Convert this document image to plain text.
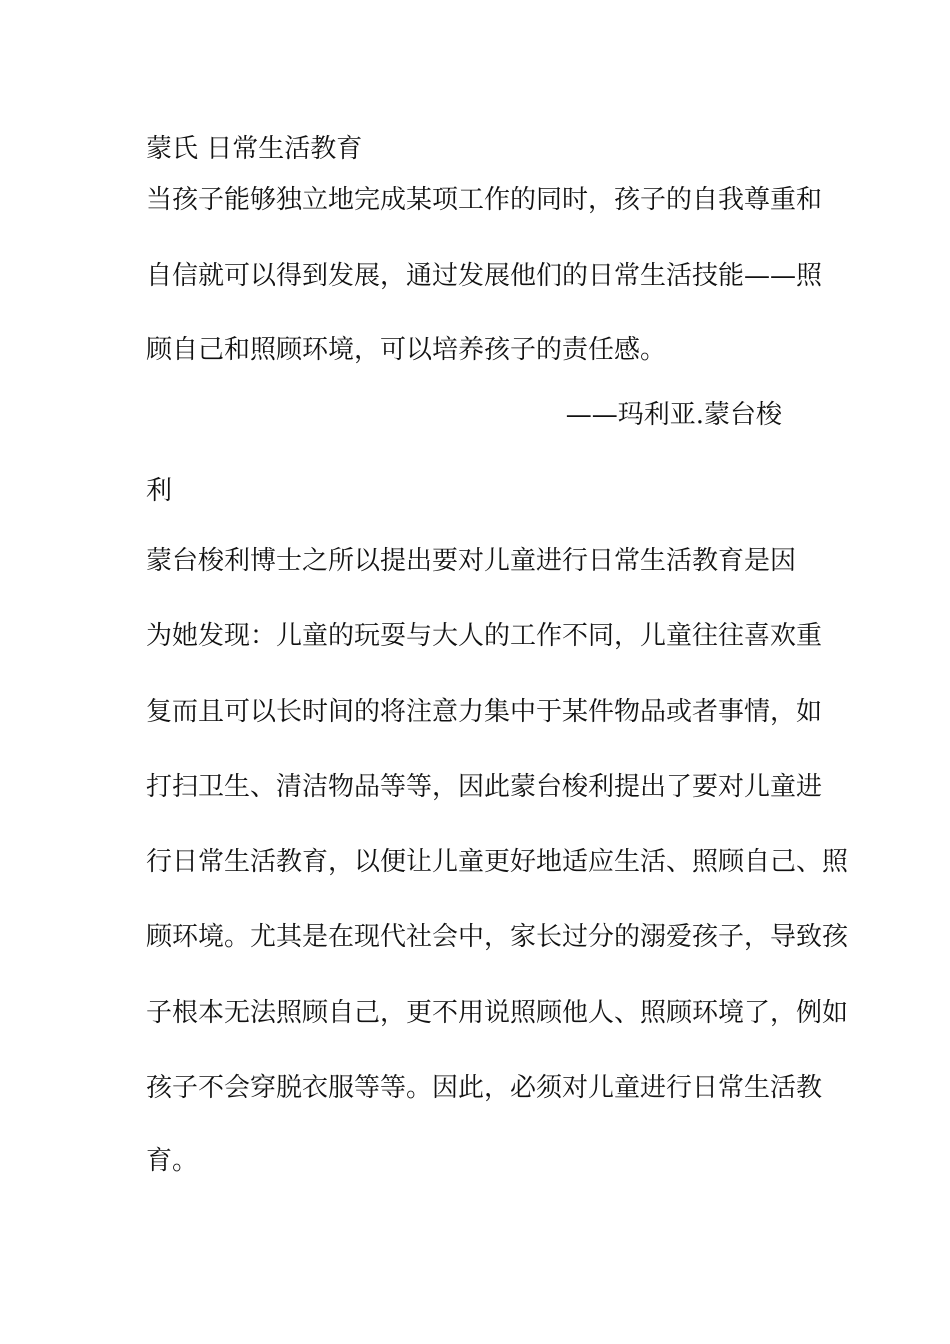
蒙氏 日常生活教育
当孩子能够独立地完成某项工作的同时，孩子的自我尊重和
自信就可以得到发展，通过发展他们的日常生活技能——照
顾自己和照顾环境，可以培养孩子的责任感。
——玛利亚.蒙台梭
利
蒙台梭利博士之所以提出要对儿童进行日常生活教育是因
为她发现：儿童的玩耍与大人的工作不同，儿童往往喜欢重
复而且可以长时间的将注意力集中于某件物品或者事情，如
打扫卫生、清洁物品等等，因此蒙台梭利提出了要对儿童进
行日常生活教育，以便让儿童更好地适应生活、照顾自己、照
顾环境。尤其是在现代社会中，家长过分的溺爱孩子，导致孩
子根本无法照顾自己，更不用说照顾他人、照顾环境了，例如
孩子不会穿脱衣服等等。因此，必须对儿童进行日常生活教
育。
